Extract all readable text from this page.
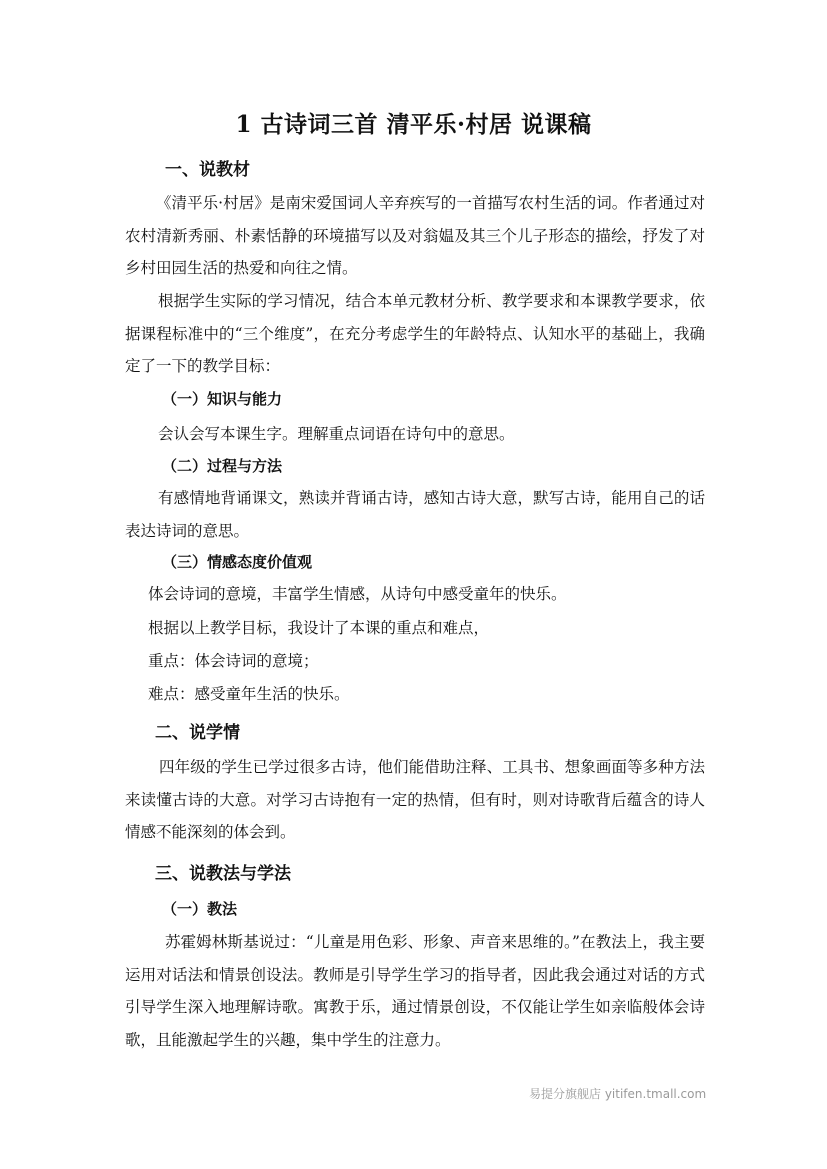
1 古诗词三首 清平乐·村居 说课稿
一、说教材
《清平乐·村居》是南宋爱国词人辛弃疾写的一首描写农村生活的词。作者通过对农村清新秀丽、朴素恬静的环境描写以及对翁媪及其三个儿子形态的描绘，抒发了对乡村田园生活的热爱和向往之情。
根据学生实际的学习情况，结合本单元教材分析、教学要求和本课教学要求，依据课程标准中的“三个维度”，在充分考虑学生的年龄特点、认知水平的基础上，我确定了一下的教学目标：
（一）知识与能力
会认会写本课生字。理解重点词语在诗句中的意思。
（二）过程与方法
有感情地背诵课文，熟读并背诵古诗，感知古诗大意，默写古诗，能用自己的话表达诗词的意思。
（三）情感态度价值观
体会诗词的意境，丰富学生情感，从诗句中感受童年的快乐。
根据以上教学目标，我设计了本课的重点和难点，
重点：体会诗词的意境；
难点：感受童年生活的快乐。
二、说学情
四年级的学生已学过很多古诗，他们能借助注释、工具书、想象画面等多种方法来读懂古诗的大意。对学习古诗抱有一定的热情，但有时，则对诗歌背后蕴含的诗人情感不能深刻的体会到。
三、说教法与学法
（一）教法
苏霍姆林斯基说过：“儿童是用色彩、形象、声音来思维的。”在教法上，我主要运用对话法和情景创设法。教师是引导学生学习的指导者，因此我会通过对话的方式引导学生深入地理解诗歌。寓教于乐，通过情景创设，不仅能让学生如亲临般体会诗歌，且能激起学生的兴趣，集中学生的注意力。
易提分旗舰店 yitifen.tmall.com
